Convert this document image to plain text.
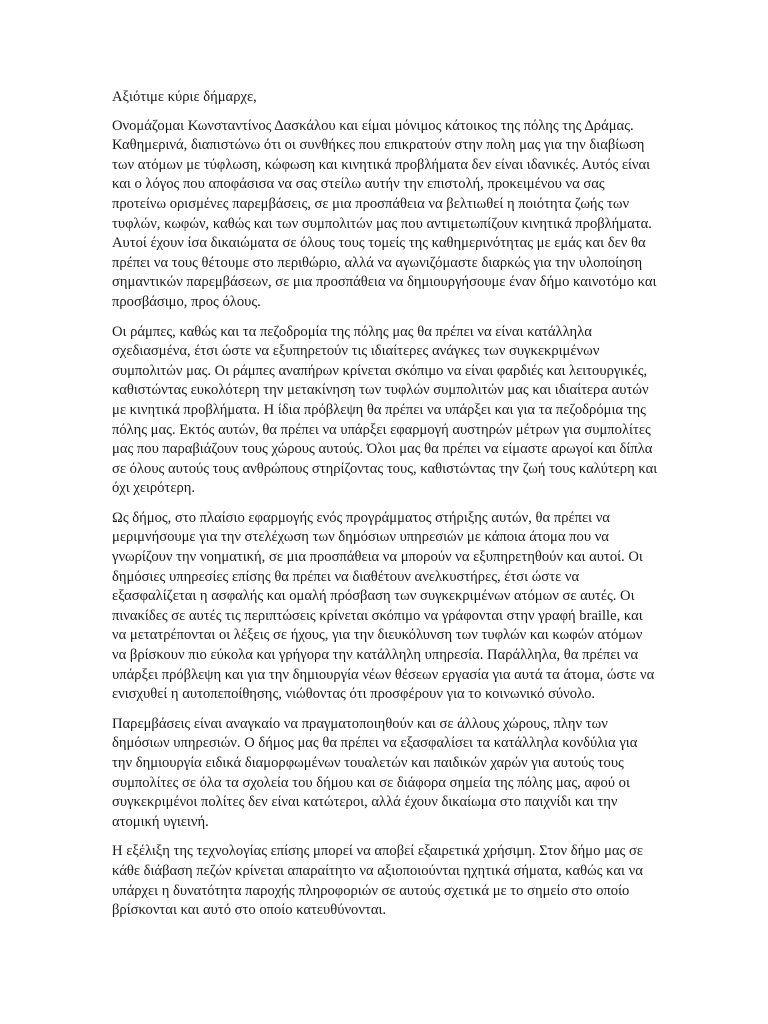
Αξιότιμε κύριε δήμαρχε,

Ονομάζομαι Κωνσταντίνος Δασκάλου και είμαι μόνιμος κάτοικος της πόλης της Δράμας. Καθημερινά, διαπιστώνω ότι οι συνθήκες που επικρατούν στην πολη μας για την διαβίωση των ατόμων με τύφλωση, κώφωση και κινητικά προβλήματα δεν είναι ιδανικές. Αυτός είναι και ο λόγος που αποφάσισα να σας στείλω αυτήν την επιστολή, προκειμένου να σας προτείνω ορισμένες παρεμβάσεις, σε μια προσπάθεια να βελτιωθεί η ποιότητα ζωής των τυφλών, κωφών, καθώς και των συμπολιτών μας που αντιμετωπίζουν κινητικά προβλήματα. Αυτοί έχουν ίσα δικαιώματα σε όλους τους τομείς της καθημερινότητας με εμάς και δεν θα πρέπει να τους θέτουμε στο περιθώριο, αλλά να αγωνιζόμαστε διαρκώς για την υλοποίηση σημαντικών παρεμβάσεων, σε μια προσπάθεια να δημιουργήσουμε έναν δήμο καινοτόμο και προσβάσιμο, προς όλους.

Οι ράμπες, καθώς και τα πεζοδρομία της πόλης μας θα πρέπει να είναι κατάλληλα σχεδιασμένα, έτσι ώστε να εξυπηρετούν τις ιδιαίτερες ανάγκες των συγκεκριμένων συμπολιτών μας. Οι ράμπες αναπήρων κρίνεται σκόπιμο να είναι φαρδιές και λειτουργικές, καθιστώντας ευκολότερη την μετακίνηση των τυφλών συμπολιτών μας και ιδιαίτερα αυτών με κινητικά προβλήματα. Η ίδια πρόβλεψη θα πρέπει να υπάρξει και για τα πεζοδρόμια της πόλης μας. Εκτός αυτών, θα πρέπει να υπάρξει εφαρμογή αυστηρών μέτρων για συμπολίτες μας που παραβιάζουν τους χώρους αυτούς. Όλοι μας θα πρέπει να είμαστε αρωγοί και δίπλα σε όλους αυτούς τους ανθρώπους στηρίζοντας τους, καθιστώντας την ζωή τους καλύτερη και όχι χειρότερη.

Ως δήμος, στο πλαίσιο εφαρμογής ενός προγράμματος στήριξης αυτών, θα πρέπει να μεριμνήσουμε για την στελέχωση των δημόσιων υπηρεσιών με κάποια άτομα που να γνωρίζουν την νοηματική, σε μια προσπάθεια να μπορούν να εξυπηρετηθούν και αυτοί. Οι δημόσιες υπηρεσίες επίσης θα πρέπει να διαθέτουν ανελκυστήρες, έτσι ώστε να εξασφαλίζεται η ασφαλής και ομαλή πρόσβαση των συγκεκριμένων ατόμων σε αυτές. Οι πινακίδες σε αυτές τις περιπτώσεις κρίνεται σκόπιμο να γράφονται στην γραφή braille, και να μετατρέπονται οι λέξεις σε ήχους, για την διευκόλυνση των τυφλών και κωφών ατόμων να βρίσκουν πιο εύκολα και γρήγορα την κατάλληλη υπηρεσία. Παράλληλα, θα πρέπει να υπάρξει πρόβλεψη και για την δημιουργία νέων θέσεων εργασία για αυτά τα άτομα, ώστε να ενισχυθεί η αυτοπεποίθησης, νιώθοντας ότι προσφέρουν για το κοινωνικό σύνολο.

Παρεμβάσεις είναι αναγκαίο να πραγματοποιηθούν και σε άλλους χώρους, πλην των δημόσιων υπηρεσιών. Ο δήμος μας θα πρέπει να εξασφαλίσει τα κατάλληλα κονδύλια για την δημιουργία ειδικά διαμορφωμένων τουαλετών και παιδικών χαρών για αυτούς τους συμπολίτες σε όλα τα σχολεία του δήμου και σε διάφορα σημεία της πόλης μας, αφού οι συγκεκριμένοι πολίτες δεν είναι κατώτεροι, αλλά έχουν δικαίωμα στο παιχνίδι και την ατομική υγιεινή.

Η εξέλιξη της τεχνολογίας επίσης μπορεί να αποβεί εξαιρετικά χρήσιμη. Στον δήμο μας σε κάθε διάβαση πεζών κρίνεται απαραίτητο να αξιοποιούνται ηχητικά σήματα, καθώς και να υπάρχει η δυνατότητα παροχής πληροφοριών σε αυτούς σχετικά με το σημείο στο οποίο βρίσκονται και αυτό στο οποίο κατευθύνονται.
